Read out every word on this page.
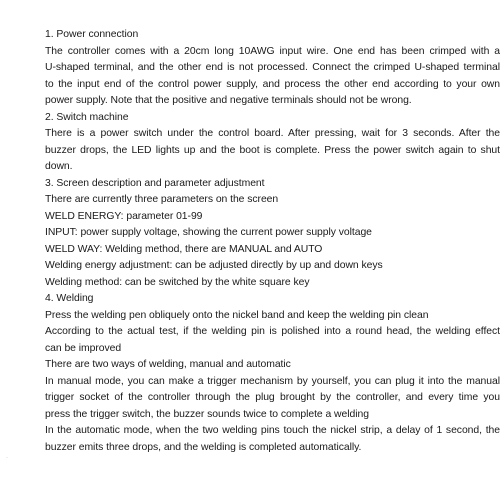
1. Power connection
The controller comes with a 20cm long 10AWG input wire. One end has been crimped with a
U-shaped terminal, and the other end is not processed. Connect the crimped U-shaped terminal
to the input end of the control power supply, and process the other end according to your own
power supply. Note that the positive and negative terminals should not be wrong.
2. Switch machine
There is a power switch under the control board. After pressing, wait for 3 seconds. After the
buzzer drops, the LED lights up and the boot is complete. Press the power switch again to shut
down.
3. Screen description and parameter adjustment
There are currently three parameters on the screen
WELD ENERGY: parameter 01-99
INPUT: power supply voltage, showing the current power supply voltage
WELD WAY: Welding method, there are MANUAL and AUTO
Welding energy adjustment: can be adjusted directly by up and down keys
Welding method: can be switched by the white square key
4. Welding
Press the welding pen obliquely onto the nickel band and keep the welding pin clean
According to the actual test, if the welding pin is polished into a round head, the welding effect
can be improved
There are two ways of welding, manual and automatic
In manual mode, you can make a trigger mechanism by yourself, you can plug it into the manual
trigger socket of the controller through the plug brought by the controller, and every time you
press the trigger switch, the buzzer sounds twice to complete a welding
In the automatic mode, when the two welding pins touch the nickel strip, a delay of 1 second, the
buzzer emits three drops, and the welding is completed automatically.
·
